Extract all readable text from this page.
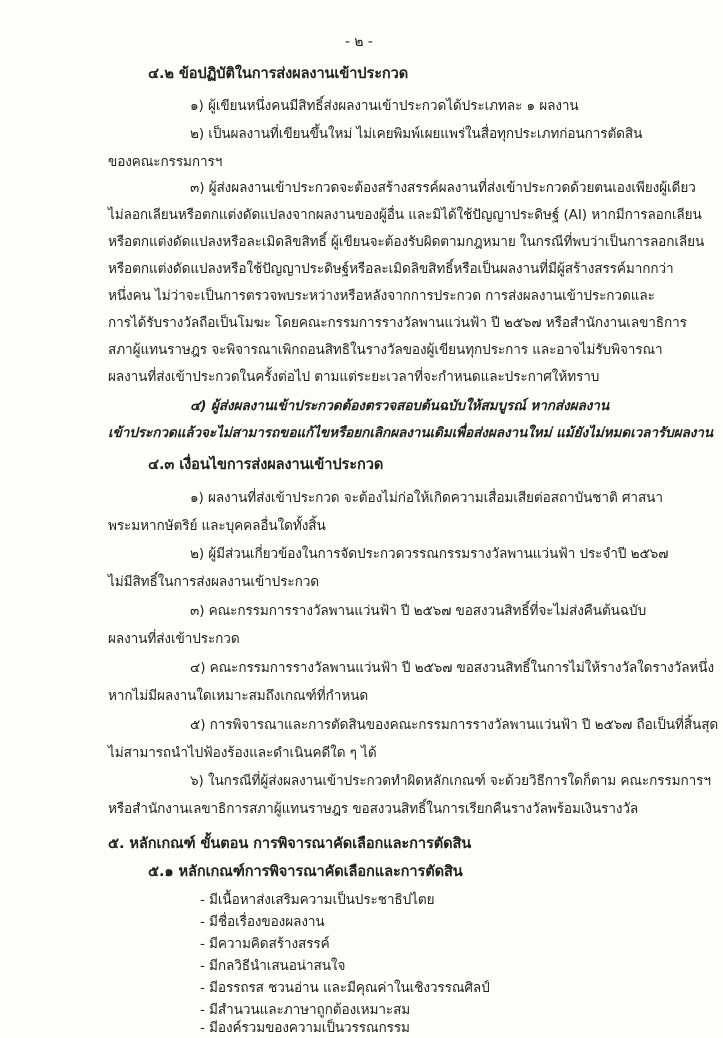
- ๒ -
๔.๒ ข้อปฏิบัติในการส่งผลงานเข้าประกวด
๑) ผู้เขียนหนึ่งคนมีสิทธิ์ส่งผลงานเข้าประกวดได้ประเภทละ ๑ ผลงาน
๒) เป็นผลงานที่เขียนขึ้นใหม่ ไม่เคยพิมพ์เผยแพร่ในสื่อทุกประเภทก่อนการตัดสิน
ของคณะกรรมการฯ
๓) ผู้ส่งผลงานเข้าประกวดจะต้องสร้างสรรค์ผลงานที่ส่งเข้าประกวดด้วยตนเองเพียงผู้เดียว
ไม่ลอกเลียนหรือตกแต่งดัดแปลงจากผลงานของผู้อื่น และมิได้ใช้ปัญญาประดิษฐ์ (AI) หากมีการลอกเลียน
หรือตกแต่งดัดแปลงหรือละเมิดลิขสิทธิ์ ผู้เขียนจะต้องรับผิดตามกฎหมาย ในกรณีที่พบว่าเป็นการลอกเลียน
หรือตกแต่งดัดแปลงหรือใช้ปัญญาประดิษฐ์หรือละเมิดลิขสิทธิ์หรือเป็นผลงานที่มีผู้สร้างสรรค์มากกว่า
หนึ่งคน ไม่ว่าจะเป็นการตรวจพบระหว่างหรือหลังจากการประกวด การส่งผลงานเข้าประกวดและ
การได้รับรางวัลถือเป็นโมฆะ โดยคณะกรรมการรางวัลพานแว่นฟ้า ปี ๒๕๖๗ หรือสำนักงานเลขาธิการ
สภาผู้แทนราษฎร จะพิจารณาเพิกถอนสิทธิในรางวัลของผู้เขียนทุกประการ และอาจไม่รับพิจารณา
ผลงานที่ส่งเข้าประกวดในครั้งต่อไป ตามแต่ระยะเวลาที่จะกำหนดและประกาศให้ทราบ
๔) ผู้ส่งผลงานเข้าประกวดต้องตรวจสอบต้นฉบับให้สมบูรณ์ หากส่งผลงาน
เข้าประกวดแล้วจะไม่สามารถขอแก้ไขหรือยกเลิกผลงานเดิมเพื่อส่งผลงานใหม่ แม้ยังไม่หมดเวลารับผลงาน
๔.๓ เงื่อนไขการส่งผลงานเข้าประกวด
๑) ผลงานที่ส่งเข้าประกวด จะต้องไม่ก่อให้เกิดความเสื่อมเสียต่อสถาบันชาติ ศาสนา
พระมหากษัตริย์ และบุคคลอื่นใดทั้งสิ้น
๒) ผู้มีส่วนเกี่ยวข้องในการจัดประกวดวรรณกรรมรางวัลพานแว่นฟ้า ประจำปี ๒๕๖๗
ไม่มีสิทธิ์ในการส่งผลงานเข้าประกวด
๓) คณะกรรมการรางวัลพานแว่นฟ้า ปี ๒๕๖๗ ขอสงวนสิทธิ์ที่จะไม่ส่งคืนต้นฉบับ
ผลงานที่ส่งเข้าประกวด
๔) คณะกรรมการรางวัลพานแว่นฟ้า ปี ๒๕๖๗ ขอสงวนสิทธิ์ในการไม่ให้รางวัลใดรางวัลหนึ่ง
หากไม่มีผลงานใดเหมาะสมถึงเกณฑ์ที่กำหนด
๕) การพิจารณาและการตัดสินของคณะกรรมการรางวัลพานแว่นฟ้า ปี ๒๕๖๗ ถือเป็นที่สิ้นสุด
ไม่สามารถนำไปฟ้องร้องและดำเนินคดีใด ๆ ได้
๖) ในกรณีที่ผู้ส่งผลงานเข้าประกวดทำผิดหลักเกณฑ์ จะด้วยวิธีการใดก็ตาม คณะกรรมการฯ
หรือสำนักงานเลขาธิการสภาผู้แทนราษฎร ขอสงวนสิทธิ์ในการเรียกคืนรางวัลพร้อมเงินรางวัล
๕. หลักเกณฑ์ ขั้นตอน การพิจารณาคัดเลือกและการตัดสิน
๕.๑ หลักเกณฑ์การพิจารณาคัดเลือกและการตัดสิน
- มีเนื้อหาส่งเสริมความเป็นประชาธิปไตย
- มีชื่อเรื่องของผลงาน
- มีความคิดสร้างสรรค์
- มีกลวิธีนำเสนอน่าสนใจ
- มีอรรถรส ชวนอ่าน และมีคุณค่าในเชิงวรรณศิลป์
- มีสำนวนและภาษาถูกต้องเหมาะสม
- มีองค์รวมของความเป็นวรรณกรรม
